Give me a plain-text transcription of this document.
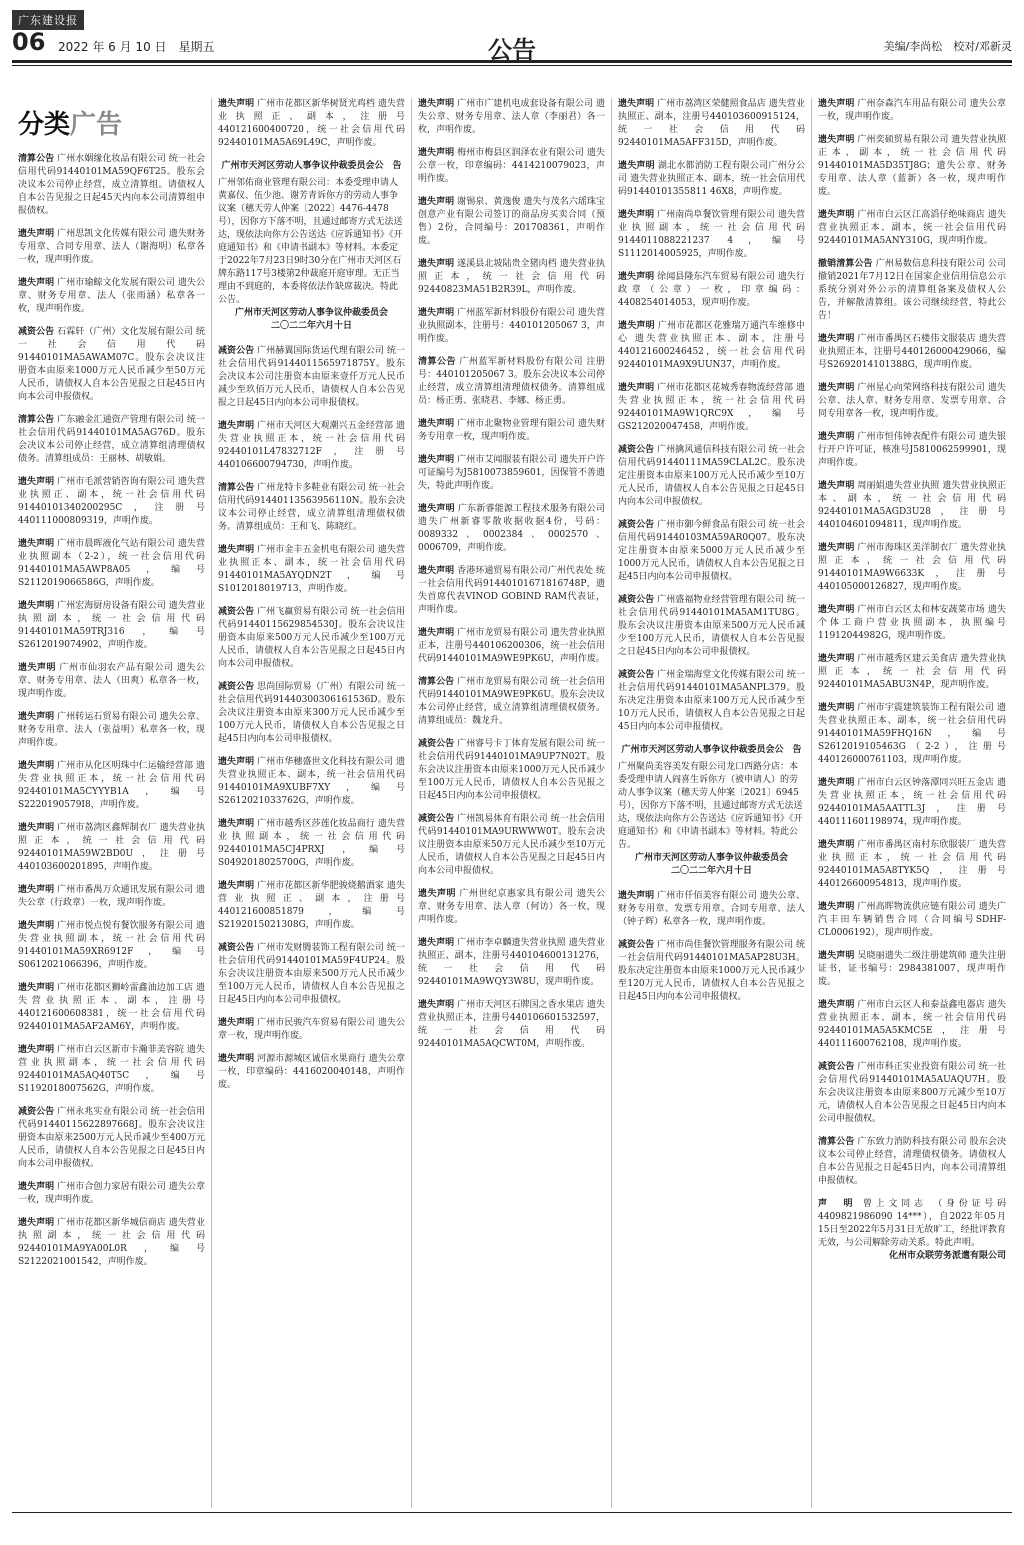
广东建设报
06 2022 年 6 月 10 日　星期五	公告	美编/李尚松　校对/邓新灵
分类广告

清算公告 广州水姻缘化妆品有限公司 统一社会信用代码91440101MA59QF6T25。股东会决议本公司停止经营，成立清算组。请债权人自本公告见报之日起45天内向本公司清算组申报债权。

遗失声明 广州思凯文化传媒有限公司 遗失财务专用章、合同专用章、法人（谢海明）私章各一枚，现声明作废。

遗失声明 广州市瑜鲸文化发展有限公司 遗失公章、财务专用章、法人（张雨涵）私章各一枚，现声明作废。

减资公告 石霖轩（广州）文化发展有限公司 统一社会信用代码91440101MA5AWAM07C。股东会决议注册资本由原来1000万元人民币减少至50万元人民币，请债权人自本公告见报之日起45日内向本公司申报债权。

清算公告 广东融金汇通资产管理有限公司 统一社会信用代码91440101MA5AG76D。股东会决议本公司停止经营，成立清算组清理债权债务。清算组成员：王丽林、胡敏娟。

遗失声明 广州市毛派营销咨询有限公司 遗失营业执照正、副本，统一社会信用代码91440101340200295C，注册号440111000809319，声明作废。

遗失声明 广州市晨晖液化气站有限公司 遗失营业执照副本（2-2），统一社会信用代码91440101MA5AWP8A05，编号S2112019066586G，声明作废。

遗失声明 广州宏海厨房设备有限公司 遗失营业执照副本，统一社会信用代码91440101MA59TRJ316，编号S2612019074902，声明作废。

遗失声明 广州市仙羽农产品有限公司 遗失公章、财务专用章、法人（田爽）私章各一枚，现声明作废。

遗失声明 广州转运石贸易有限公司 遗失公章、财务专用章、法人（张益明）私章各一枚，现声明作废。

遗失声明 广州市从化区明珠中仁运输经营部 遗失营业执照正本，统一社会信用代码92440101MA5CYYYB1A，编号S2220190579I8，声明作废。

遗失声明 广州市荔湾区鑫辉制衣厂 遗失营业执照正本，统一社会信用代码92440101MA59W2BD0U，注册号440103600201895，声明作废。

遗失声明 广州市番禺万众通讯发展有限公司 遗失公章（行政章）一枚，现声明作废。

遗失声明 广州市悦点悦有餐饮服务有限公司 遗失营业执照副本，统一社会信用代码91440101MA59XR6912F，编号S0612021066396，声明作废。

遗失声明 广州市花都区狮岭雷鑫油边加工店 遗失营业执照正本、副本，注册号440121600608381，统一社会信用代码92440101MA5AF2AM6Y，声明作废。

遗失声明 广州市白云区新市卡瀚菲美容院 遗失营业执照副本，统一社会信用代码92440101MA5AQ40T5C，编号S1192018007562G，声明作废。

减资公告 广州永兆实业有限公司 统一社会信用代码91440115622897668J。股东会决议注册资本由原来2500万元人民币减少至400万元人民币，请债权人自本公告见报之日起45日内向本公司申报债权。

遗失声明 广州市合创力家居有限公司 遗失公章一枚，现声明作废。

遗失声明 广州市花都区新华城信商店 遗失营业执照副本，统一社会信用代码92440101MA9YA00L0R，编号S2122021001542，声明作废。

遗失声明 广州市花都区新华树贤光鸡档 遗失营业执照正、副本，注册号440121600400720，统一社会信用代码92440101MA5A69L49C，声明作废。

广州市天河区劳动人事争议仲裁委员会公　告
广州邻佑商业管理有限公司：本委受理申请人黄嘉仪、伍少池、谢芳青诉你方的劳动人事争议案（穗天劳人仲案〔2022〕4476-4478号），因你方下落不明，且通过邮寄方式无法送达，现依法向你方公告送达《应诉通知书》《开庭通知书》和《申请书副本》等材料。本委定于2022年7月23日9时30分在广州市天河区石牌东路117号3楼第2仲裁庭开庭审理。无正当理由不到庭的，本委将依法作缺席裁决。特此公告。
广州市天河区劳动人事争议仲裁委员会
二〇二二年六月十日

减资公告 广州赫翼国际货运代理有限公司 统一社会信用代码9144011565971875Y。股东会决议本公司注册资本由原来壹仟万元人民币减少至玖佰万元人民币，请债权人自本公告见报之日起45日内向本公司申报债权。

遗失声明 广州市天河区大观潮兴五金经营部 遗失营业执照正本，统一社会信用代码92440101L47832712F，注册号440106600794730，声明作废。

清算公告 广州龙特卡多鞋业有限公司 统一社会信用代码91440113563956110N。股东会决议本公司停止经营，成立清算组清理债权债务。清算组成员：王和飞、陈晓红。

遗失声明 广州市金丰五金机电有限公司 遗失营业执照正本、副本，统一社会信用代码91440101MA5AYQDN2T，编号S1012018019713，声明作废。

减资公告 广州飞赢贸易有限公司 统一社会信用代码91440115629854530J。股东会决议注册资本由原来500万元人民币减少至100万元人民币，请债权人自本公告见报之日起45日内向本公司申报债权。

减资公告 思尚国际贸易（广州）有限公司 统一社会信用代码91440300306161536D。股东会决议注册资本由原来300万元人民币减少至100万元人民币，请债权人自本公告见报之日起45日内向本公司申报债权。

遗失声明 广州市华穗盛世文化科技有限公司 遗失营业执照正本、副本，统一社会信用代码91440101MA9XUBF7XY，编号S2612021033762G，声明作废。

遗失声明 广州市越秀区莎莲化妆品商行 遗失营业执照副本，统一社会信用代码92440101MA5CJ4PRXJ，编号S0492018025700G，声明作废。

遗失声明 广州市花都区新华肥骏烧鹅酒家 遗失营业执照正、副本，注册号440121600851879，编号S2192015021308G，声明作废。

减资公告 广州市发财腾装饰工程有限公司 统一社会信用代码91440101MA59F4UP24。股东会决议注册资本由原来500万元人民币减少至100万元人民币，请债权人自本公告见报之日起45日内向本公司申报债权。

遗失声明 广州市民骏汽车贸易有限公司 遗失公章一枚，现声明作废。

遗失声明 河源市源城区诚信水果商行 遗失公章一枚，印章编码：4416020040148，声明作废。

遗失声明 广州市广建机电成套设备有限公司 遗失公章、财务专用章、法人章（李丽君）各一枚，声明作废。

遗失声明 梅州市梅县区润泽农业有限公司 遗失公章一枚，印章编码：4414210079023，声明作废。

遗失声明 谢锡泉、黄逸俊 遗失与茂名六瑶珠宝创意产业有限公司签订的商品房买卖合同（预售）2份，合同编号：201708361，声明作废。

遗失声明 遂溪县北坡陆贵全猪肉档 遗失营业执照正本，统一社会信用代码92440823MA51B2R39L，声明作废。

遗失声明 广州蓝军新材料股份有限公司 遗失营业执照副本，注册号：440101205067 3，声明作废。

清算公告 广州蓝军新材料股份有限公司 注册号：440101205067 3。股东会决议本公司停止经营，成立清算组清理债权债务。清算组成员：杨正勇、张晓君、李娜、杨正勇。

遗失声明 广州市北聚物业管理有限公司 遗失财务专用章一枚，现声明作废。

遗失声明 广州市艾闻服装有限公司 遗失开户许可证编号为J5810073859601，因保管不善遗失，特此声明作废。

遗失声明 广东新睿能源工程技术服务有限公司 遗失广州新睿零散收据收据4份，号码：0089332、0002384、0002570、0006709，声明作废。

遗失声明 香港环通贸易有限公司广州代表处 统一社会信用代码91440101671816748P，遗失首席代表VINOD GOBIND RAM代表证，声明作废。

遗失声明 广州市龙贸易有限公司 遗失营业执照正本，注册号440106200306，统一社会信用代码91440101MA9WE9PK6U，声明作废。

清算公告 广州市龙贸易有限公司 统一社会信用代码91440101MA9WE9PK6U。股东会决议本公司停止经营，成立清算组清理债权债务。清算组成员：魏龙升。

减资公告 广州睿号卡丁体育发展有限公司 统一社会信用代码91440101MA9UP7N02T。股东会决议注册资本由原来1000万元人民币减少至100万元人民币，请债权人自本公告见报之日起45日内向本公司申报债权。

减资公告 广州凯易体育有限公司 统一社会信用代码91440101MA9URWWW0T。股东会决议注册资本由原来50万元人民币减少至10万元人民币，请债权人自本公告见报之日起45日内向本公司申报债权。

遗失声明 广州世纪京惠家具有限公司 遗失公章、财务专用章、法人章（何访）各一枚，现声明作废。

遗失声明 广州市李卓麟遗失营业执照 遗失营业执照正、副本，注册号440104600131276，统一社会信用代码92440101MA9WQY3W8U，现声明作废。

遗失声明 广州市天河区石牌国之香水果店 遗失营业执照正本，注册号440106601532597，统一社会信用代码92440101MA5AQCWT0M，声明作废。

遗失声明 广州市荔湾区荣健照食品店 遗失营业执照正、副本，注册号440103600915124，统一社会信用代码92440101MA5AFF315D，声明作废。

遗失声明 湖北水都消防工程有限公司广州分公司 遗失营业执照正本、副本，统一社会信用代码91440101355811 46X8，声明作废。

遗失声明 广州南尚阜餐饮管理有限公司 遗失营业执照副本，统一社会信用代码9144011088221237 4，编号S1112014005925，声明作废。

遗失声明 徐闻县隆东汽车贸易有限公司 遗失行政章（公章）一枚，印章编码：4408254014053，现声明作废。

遗失声明 广州市花都区花雅瑞万通汽车维修中心 遗失营业执照正本、副本，注册号440121600246452，统一社会信用代码92440101MA9X9UUN37，声明作废。

遗失声明 广州市花都区花城秀春物流经营部 遗失营业执照正本，统一社会信用代码92440101MA9W1QRC9X，编号GS212020047458，声明作废。

减资公告 广州擒风通信科技有限公司 统一社会信用代码91440111MA59CLAL2C。股东决定注册资本由原来100万元人民币减少至10万元人民币，请债权人自本公告见报之日起45日内向本公司申报债权。

减资公告 广州市御今鲜食品有限公司 统一社会信用代码91440103MA59AR0Q07。股东决定注册资本由原来5000万元人民币减少至1000万元人民币，请债权人自本公告见报之日起45日内向本公司申报债权。

减资公告 广州盛福物业经营管理有限公司 统一社会信用代码91440101MA5AM1TU8G。股东会决议注册资本由原来500万元人民币减少至100万元人民币，请债权人自本公告见报之日起45日内向本公司申报债权。

减资公告 广州金瑞海堂文化传媒有限公司 统一社会信用代码91440101MA5ANPL379。股东决定注册资本由原来100万元人民币减少至10万元人民币，请债权人自本公告见报之日起45日内向本公司申报债权。

广州市天河区劳动人事争议仲裁委员会公　告
广州聚尚美容美发有限公司龙口西路分店：本委受理申请人阎喜生诉你方（被申请人）的劳动人事争议案（穗天劳人仲案〔2021〕6945号），因你方下落不明，且通过邮寄方式无法送达，现依法向你方公告送达《应诉通知书》《开庭通知书》和《申请书副本》等材料。特此公告。
广州市天河区劳动人事争议仲裁委员会
二〇二二年六月十日

遗失声明 广州市仟佰美容有限公司 遗失公章、财务专用章、发票专用章、合同专用章、法人（钟子辉）私章各一枚，现声明作废。

减资公告 广州市尚佳餐饮管理服务有限公司 统一社会信用代码91440101MA5AP28U3H。股东决定注册资本由原来1000万元人民币减少至120万元人民币，请债权人自本公告见报之日起45日内向本公司申报债权。

遗失声明 广州奈森汽车用品有限公司 遗失公章一枚，现声明作废。

遗失声明 广州奕硕贸易有限公司 遗失营业执照正本、副本，统一社会信用代码91440101MA5D35TJ8G；遗失公章、财务专用章、法人章（蓝新）各一枚，现声明作废。

遗失声明 广州市白云区江高滔仔绝味商店 遗失营业执照正本、副本，统一社会信用代码92440101MA5ANY310G，现声明作废。

撤销清算公告 广州易数信息科技有限公司 公司撤销2021年7月12日在国家企业信用信息公示系统分别对外公示的清算组备案及债权人公告，并解散清算组。该公司继续经营，特此公告！

遗失声明 广州市番禺区石楼伟文服装店 遗失营业执照正本，注册号440126000429066，编号S2692014101388G，现声明作废。

遗失声明 广州星心向荣网络科技有限公司 遗失公章、法人章、财务专用章、发票专用章、合同专用章各一枚，现声明作废。

遗失声明 广州市恒伟钟表配件有限公司 遗失银行开户许可证，核准号J5810062599901，现声明作废。

遗失声明 周丽娟遗失营业执照 遗失营业执照正本、副本，统一社会信用代码92440101MA5AGD3U28，注册号440104601094811，现声明作废。

遗失声明 广州市海珠区美洋制衣厂 遗失营业执照正本，统一社会信用代码91440101MA9W6633K，注册号440105000126827，现声明作废。

遗失声明 广州市白云区太和林安蔬菜市场 遗失个体工商户营业执照副本，执照编号11912044982G，现声明作废。

遗失声明 广州市越秀区建云美食店 遗失营业执照正本，统一社会信用代码92440101MA5ABU3N4P，现声明作废。

遗失声明 广州市宇震建筑装饰工程有限公司 遗失营业执照正本、副本，统一社会信用代码91440101MA59FHQ16N，编号S2612019105463G（2-2），注册号440126000761103，现声明作废。

遗失声明 广州市白云区钟落潭同兴旺五金店 遗失营业执照正本，统一社会信用代码92440101MA5AATTL3J，注册号440111601198974，现声明作废。

遗失声明 广州市番禺区南村东欣服装厂 遗失营业执照正本，统一社会信用代码92440101MA5A8TYK5Q，注册号440126600954813，现声明作废。

遗失声明 广州高晖物流供应链有限公司 遗失广汽丰田车辆销售合同（合同编号SDHF-CL0006192），现声明作废。

遗失声明 吴晓丽遗失二级注册建筑师 遗失注册证书，证书编号：2984381007，现声明作废。

遗失声明 广州市白云区人和泰益鑫电器店 遗失营业执照正本、副本，统一社会信用代码92440101MA5A5KMC5E，注册号440111600762108，现声明作废。

减资公告 广州市科正实业投资有限公司 统一社会信用代码91440101MA5AUAQU7H。股东会决议注册资本由原来800万元减少至10万元，请债权人自本公告见报之日起45日内向本公司申报债权。

清算公告 广东致力消防科技有限公司 股东会决议本公司停止经营，清理债权债务。请债权人自本公告见报之日起45日内，向本公司清算组申报债权。

声　明 曾上文同志 （身份证号码4409821986090 14***），自2022年05月15日至2022年5月31日无故旷工，经批评教育无效，与公司解除劳动关系。特此声明。

化州市众联劳务派遣有限公司
